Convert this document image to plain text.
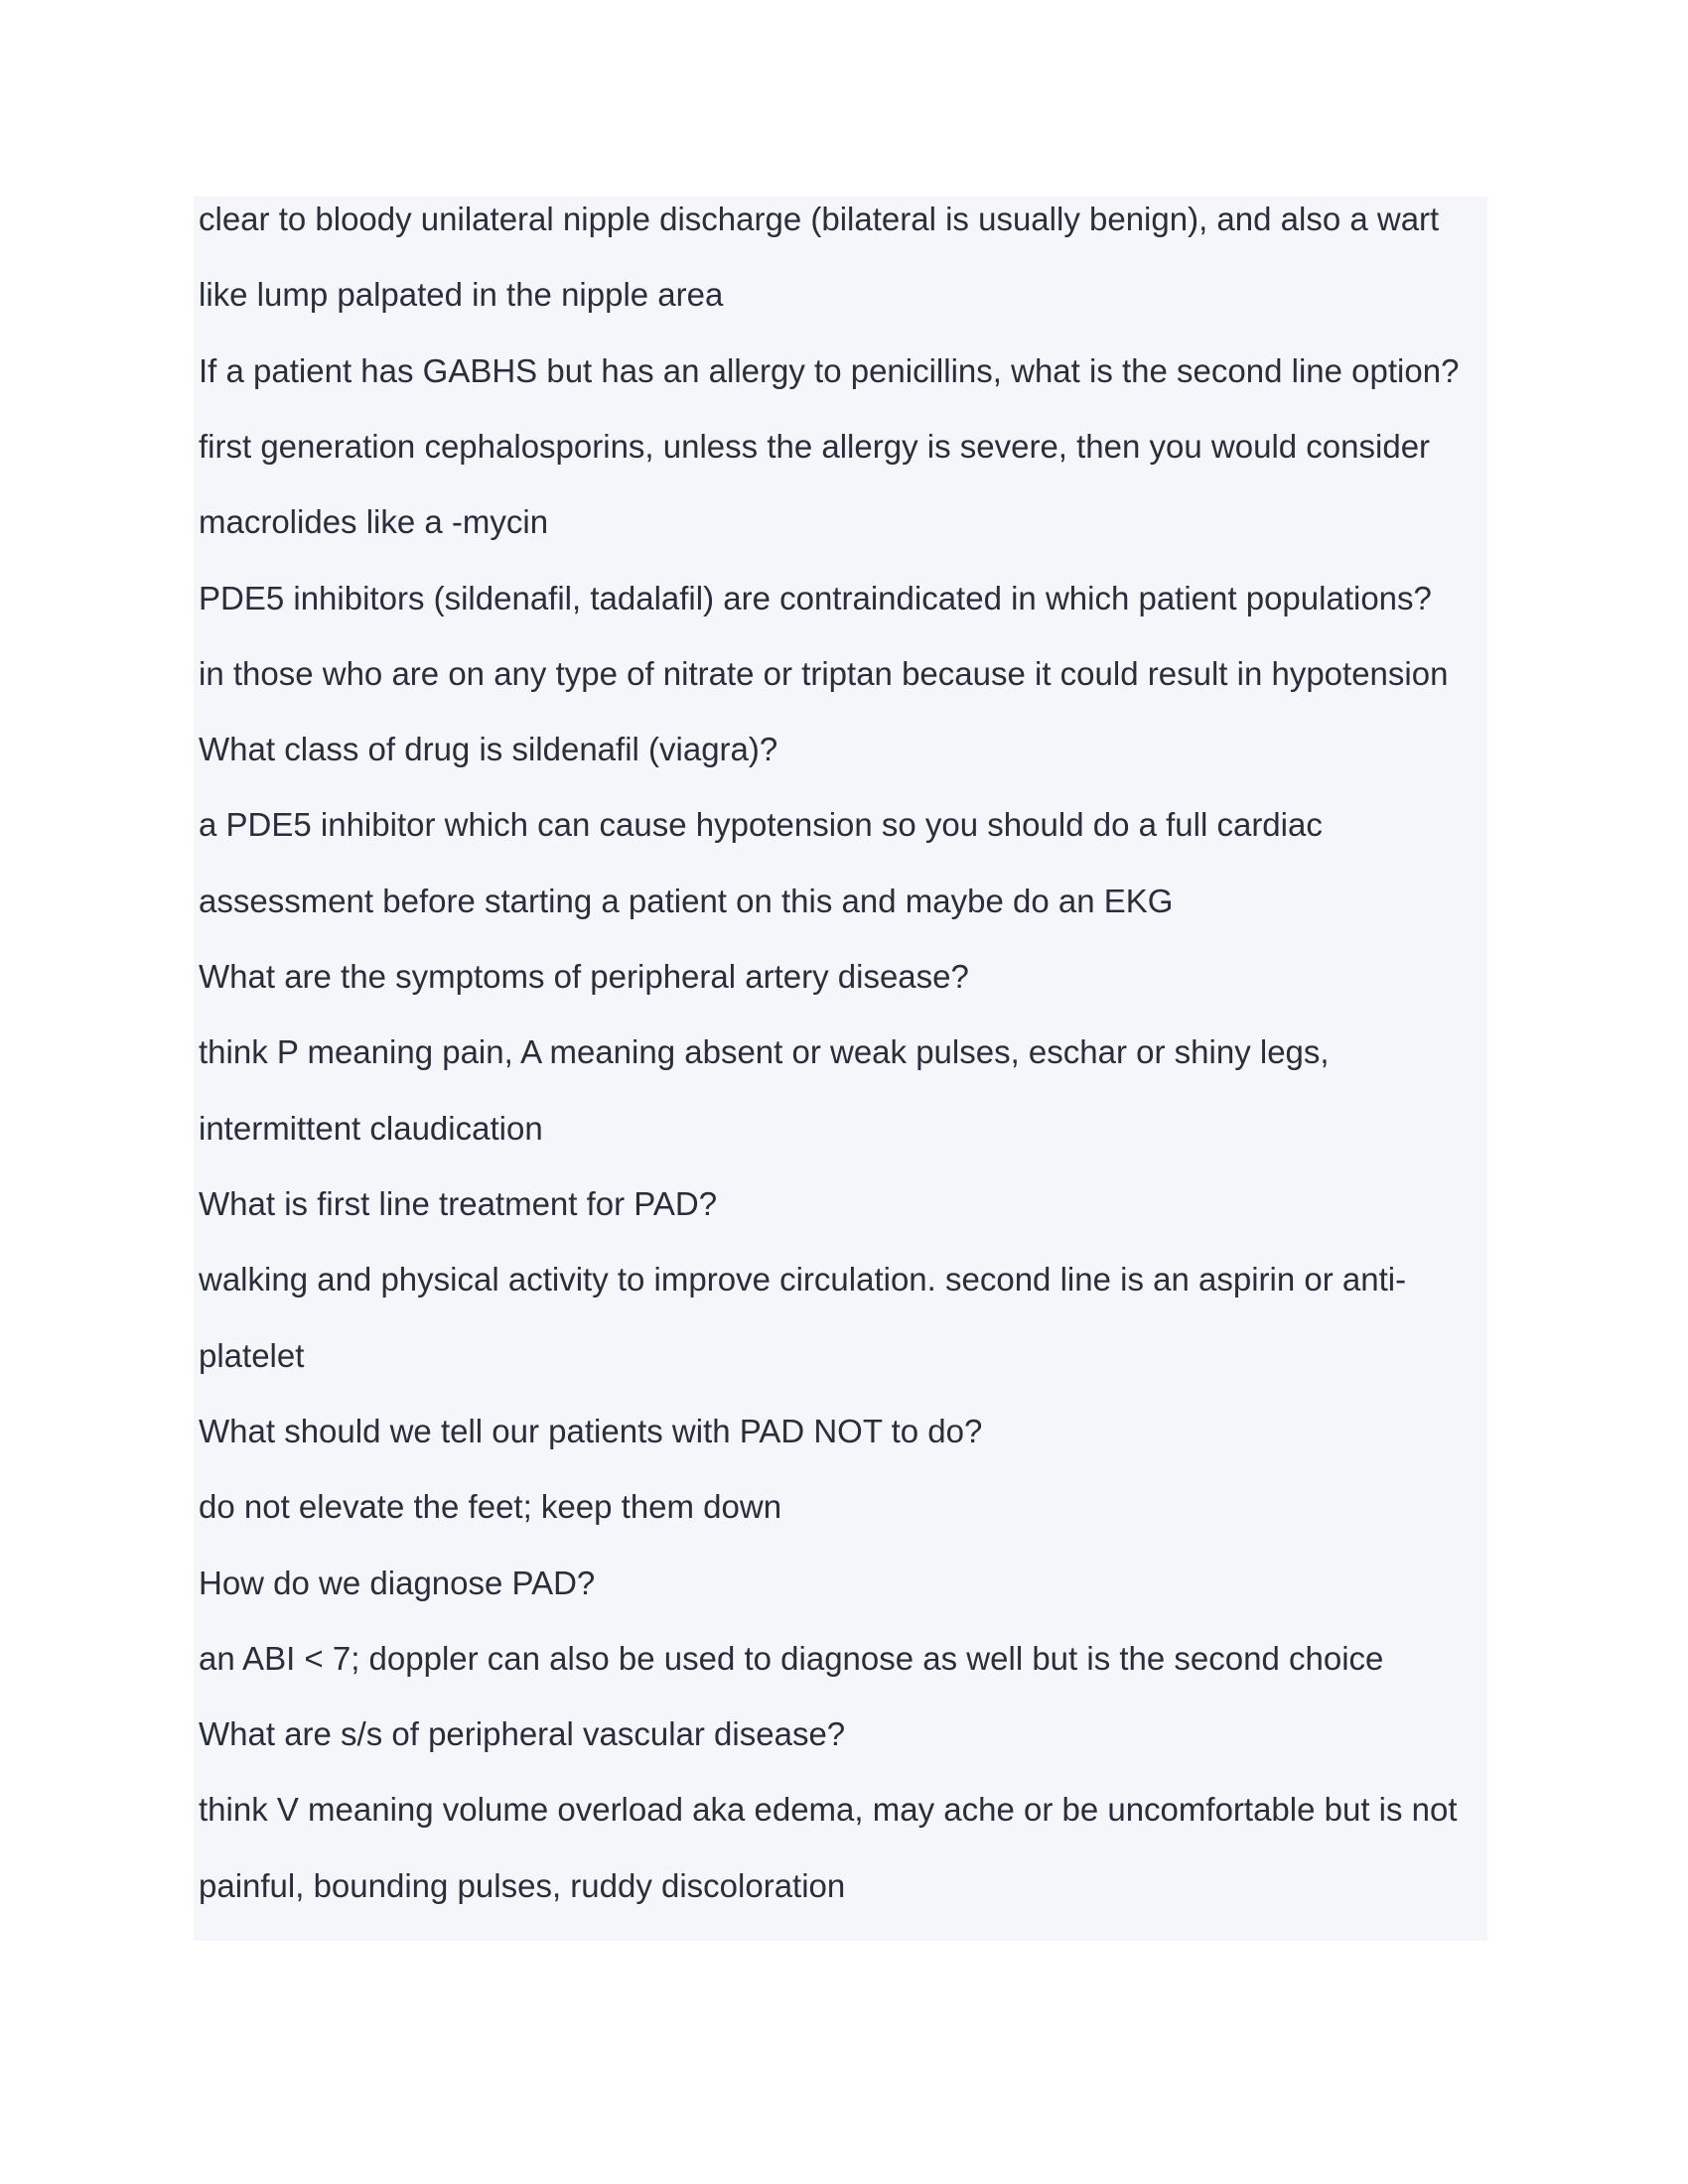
clear to bloody unilateral nipple discharge (bilateral is usually benign), and also a wart
like lump palpated in the nipple area
If a patient has GABHS but has an allergy to penicillins, what is the second line option?
first generation cephalosporins, unless the allergy is severe, then you would consider
macrolides like a -mycin
PDE5 inhibitors (sildenafil, tadalafil) are contraindicated in which patient populations?
in those who are on any type of nitrate or triptan because it could result in hypotension
What class of drug is sildenafil (viagra)?
a PDE5 inhibitor which can cause hypotension so you should do a full cardiac
assessment before starting a patient on this and maybe do an EKG
What are the symptoms of peripheral artery disease?
think P meaning pain, A meaning absent or weak pulses, eschar or shiny legs,
intermittent claudication
What is first line treatment for PAD?
walking and physical activity to improve circulation. second line is an aspirin or anti-
platelet
What should we tell our patients with PAD NOT to do?
do not elevate the feet; keep them down
How do we diagnose PAD?
an ABI < 7; doppler can also be used to diagnose as well but is the second choice
What are s/s of peripheral vascular disease?
think V meaning volume overload aka edema, may ache or be uncomfortable but is not
painful, bounding pulses, ruddy discoloration
